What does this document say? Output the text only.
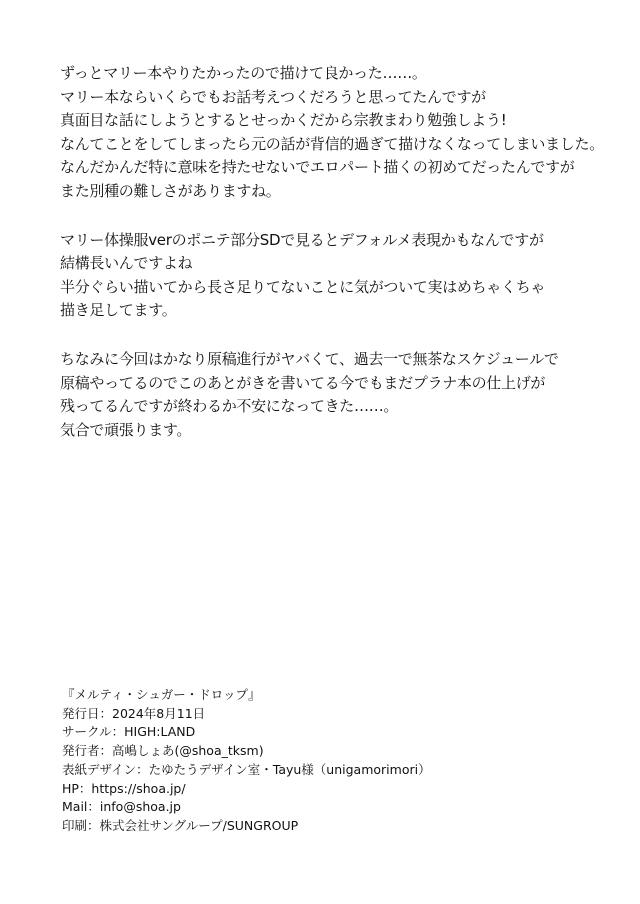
ずっとマリー本やりたかったので描けて良かった……。
マリー本ならいくらでもお話考えつくだろうと思ってたんですが
真面目な話にしようとするとせっかくだから宗教まわり勉強しよう!
なんてことをしてしまったら元の話が背信的過ぎて描けなくなってしまいました。
なんだかんだ特に意味を持たせないでエロパート描くの初めてだったんですが
また別種の難しさがありますね。

マリー体操服verのポニテ部分SDで見るとデフォルメ表現かもなんですが
結構長いんですよね
半分ぐらい描いてから長さ足りてないことに気がついて実はめちゃくちゃ
描き足してます。

ちなみに今回はかなり原稿進行がヤバくて、過去一で無茶なスケジュールで
原稿やってるのでこのあとがきを書いてる今でもまだプラナ本の仕上げが
残ってるんですが終わるか不安になってきた……。
気合で頑張ります。

『メルティ・シュガー・ドロップ』
発行日：2024年8月11日
サークル：HIGH:LAND
発行者：高嶋しょあ(@shoa_tksm)
表紙デザイン：たゆたうデザイン室・Tayu様（unigamorimori）
HP：https://shoa.jp/
Mail：info@shoa.jp
印刷：株式会社サングループ/SUNGROUP
